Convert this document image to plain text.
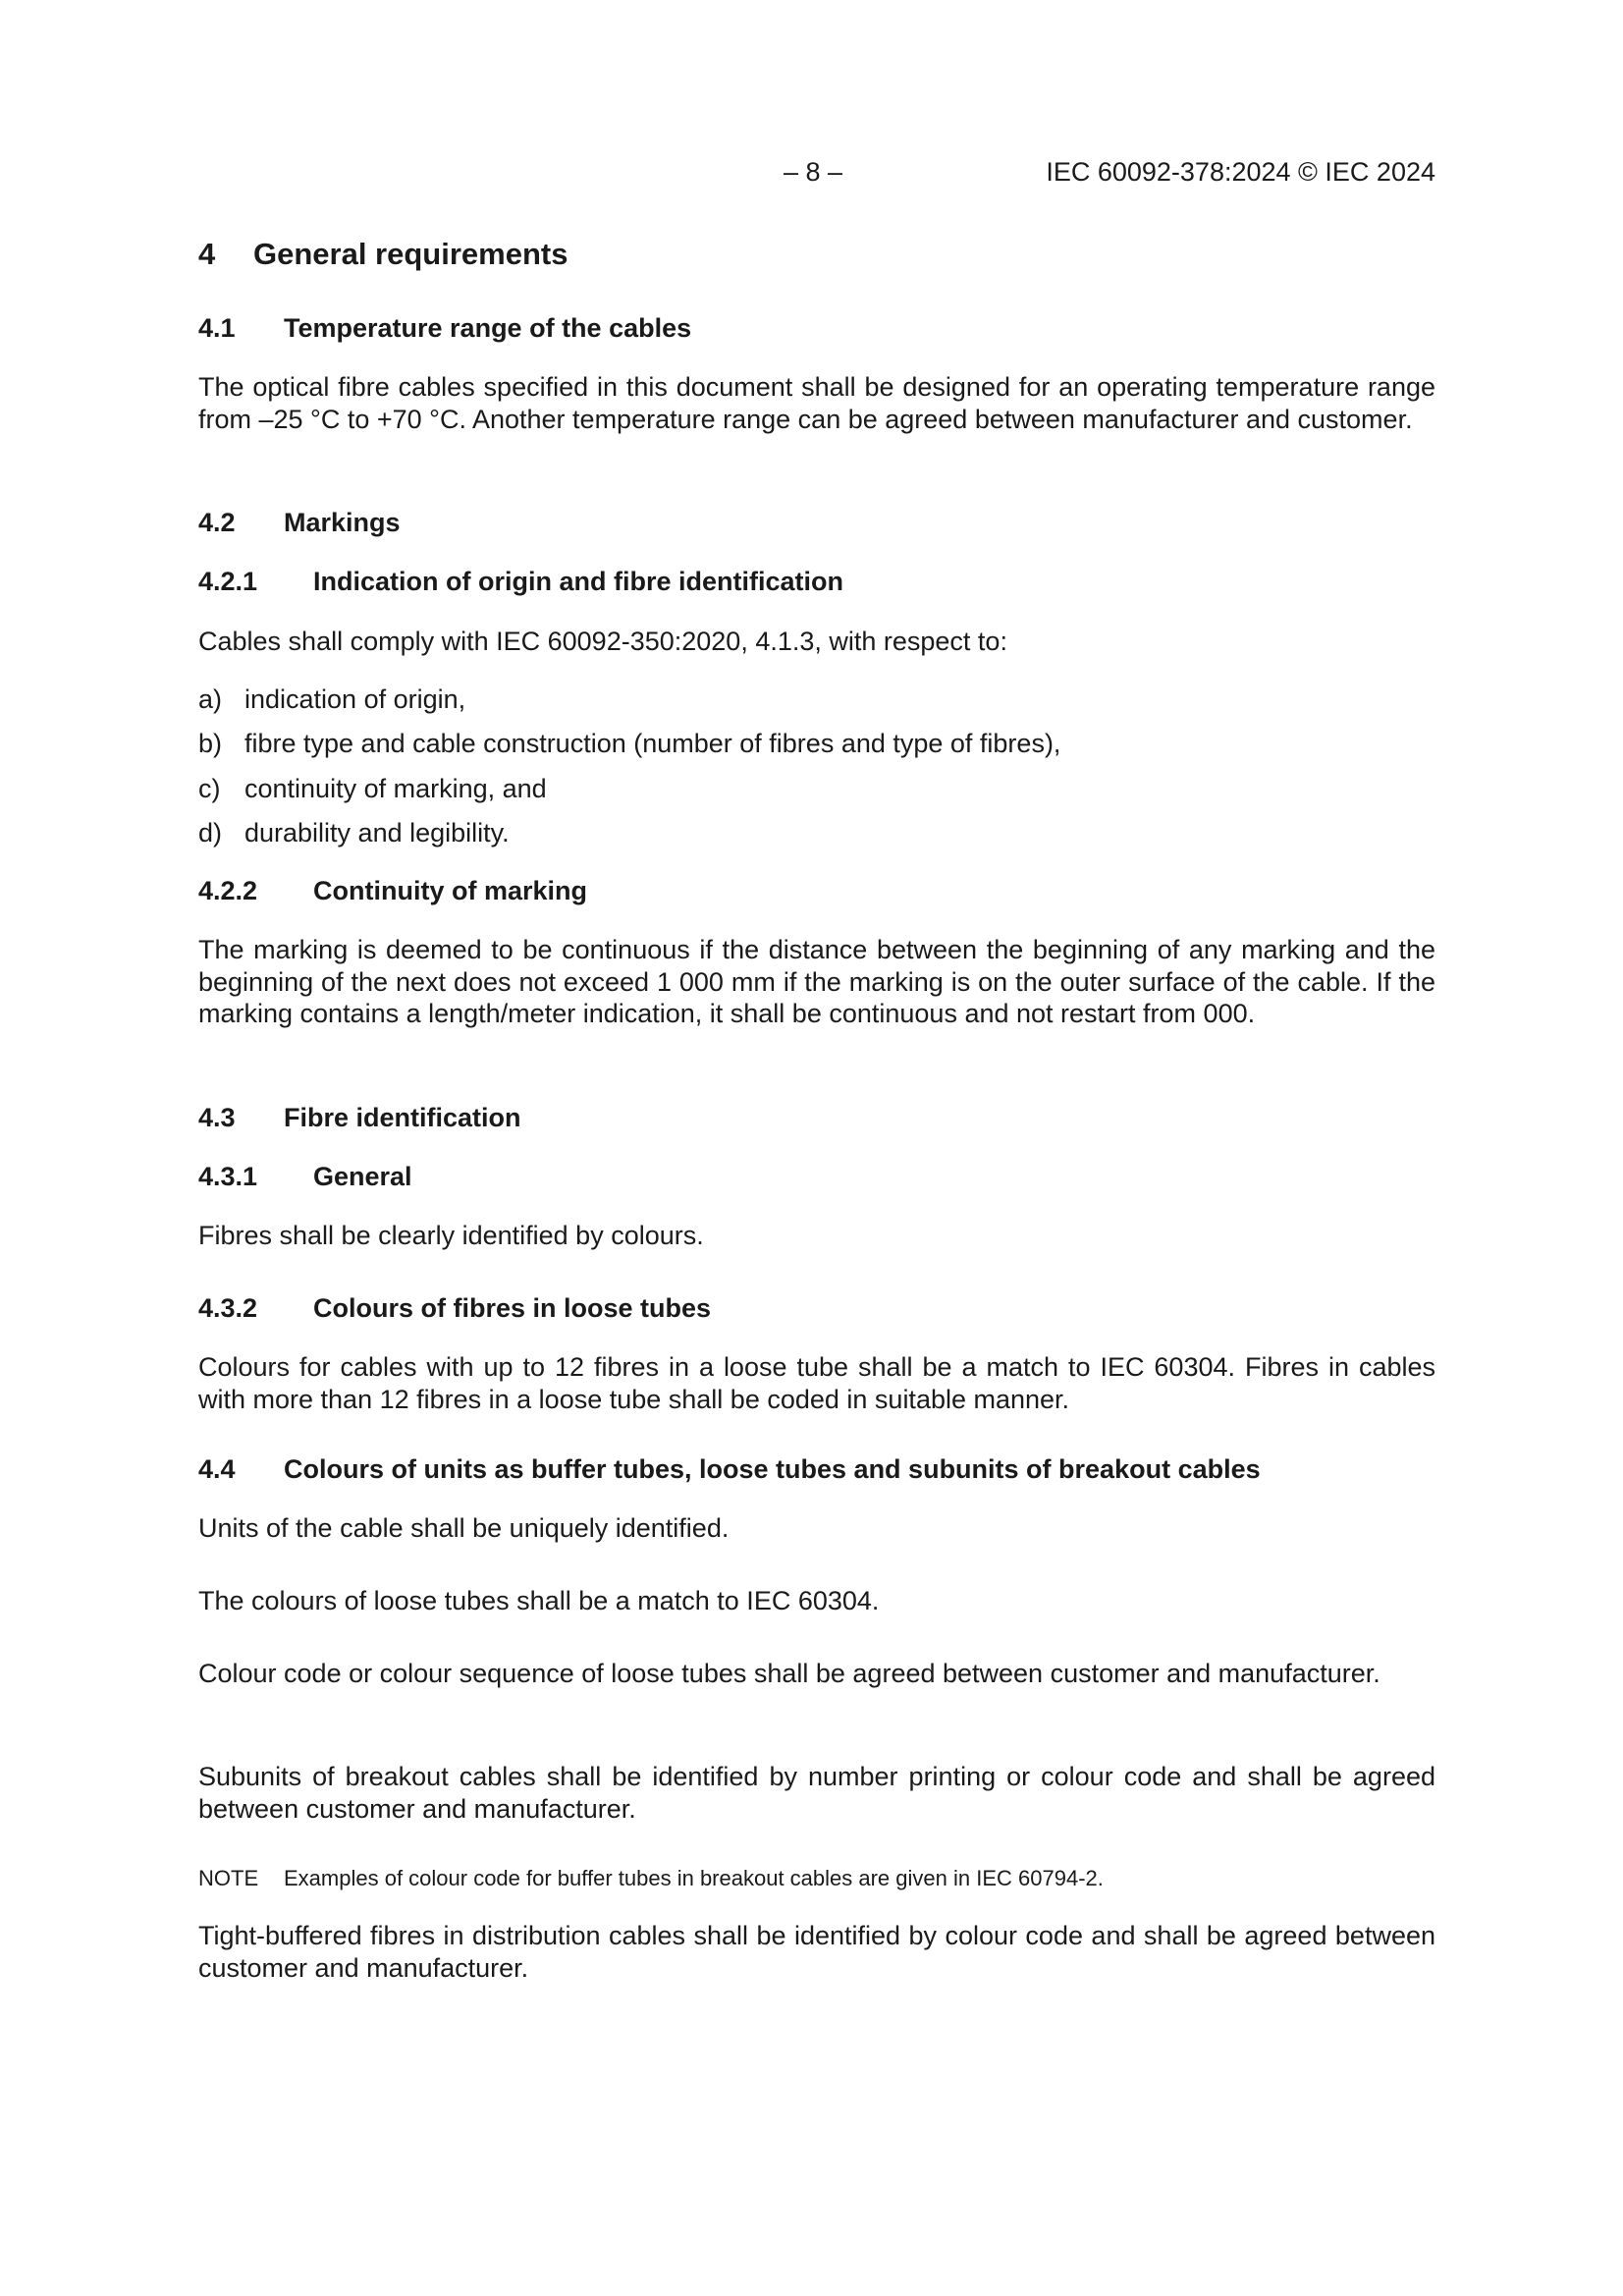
– 8 –	IEC 60092-378:2024 © IEC 2024
4 General requirements
4.1 Temperature range of the cables
The optical fibre cables specified in this document shall be designed for an operating temperature range from –25 °C to +70 °C. Another temperature range can be agreed between manufacturer and customer.
4.2 Markings
4.2.1 Indication of origin and fibre identification
Cables shall comply with IEC 60092-350:2020, 4.1.3, with respect to:
a) indication of origin,
b) fibre type and cable construction (number of fibres and type of fibres),
c) continuity of marking, and
d) durability and legibility.
4.2.2 Continuity of marking
The marking is deemed to be continuous if the distance between the beginning of any marking and the beginning of the next does not exceed 1 000 mm if the marking is on the outer surface of the cable. If the marking contains a length/meter indication, it shall be continuous and not restart from 000.
4.3 Fibre identification
4.3.1 General
Fibres shall be clearly identified by colours.
4.3.2 Colours of fibres in loose tubes
Colours for cables with up to 12 fibres in a loose tube shall be a match to IEC 60304. Fibres in cables with more than 12 fibres in a loose tube shall be coded in suitable manner.
4.4 Colours of units as buffer tubes, loose tubes and subunits of breakout cables
Units of the cable shall be uniquely identified.
The colours of loose tubes shall be a match to IEC 60304.
Colour code or colour sequence of loose tubes shall be agreed between customer and manufacturer.
Subunits of breakout cables shall be identified by number printing or colour code and shall be agreed between customer and manufacturer.
NOTE Examples of colour code for buffer tubes in breakout cables are given in IEC 60794-2.
Tight-buffered fibres in distribution cables shall be identified by colour code and shall be agreed between customer and manufacturer.
